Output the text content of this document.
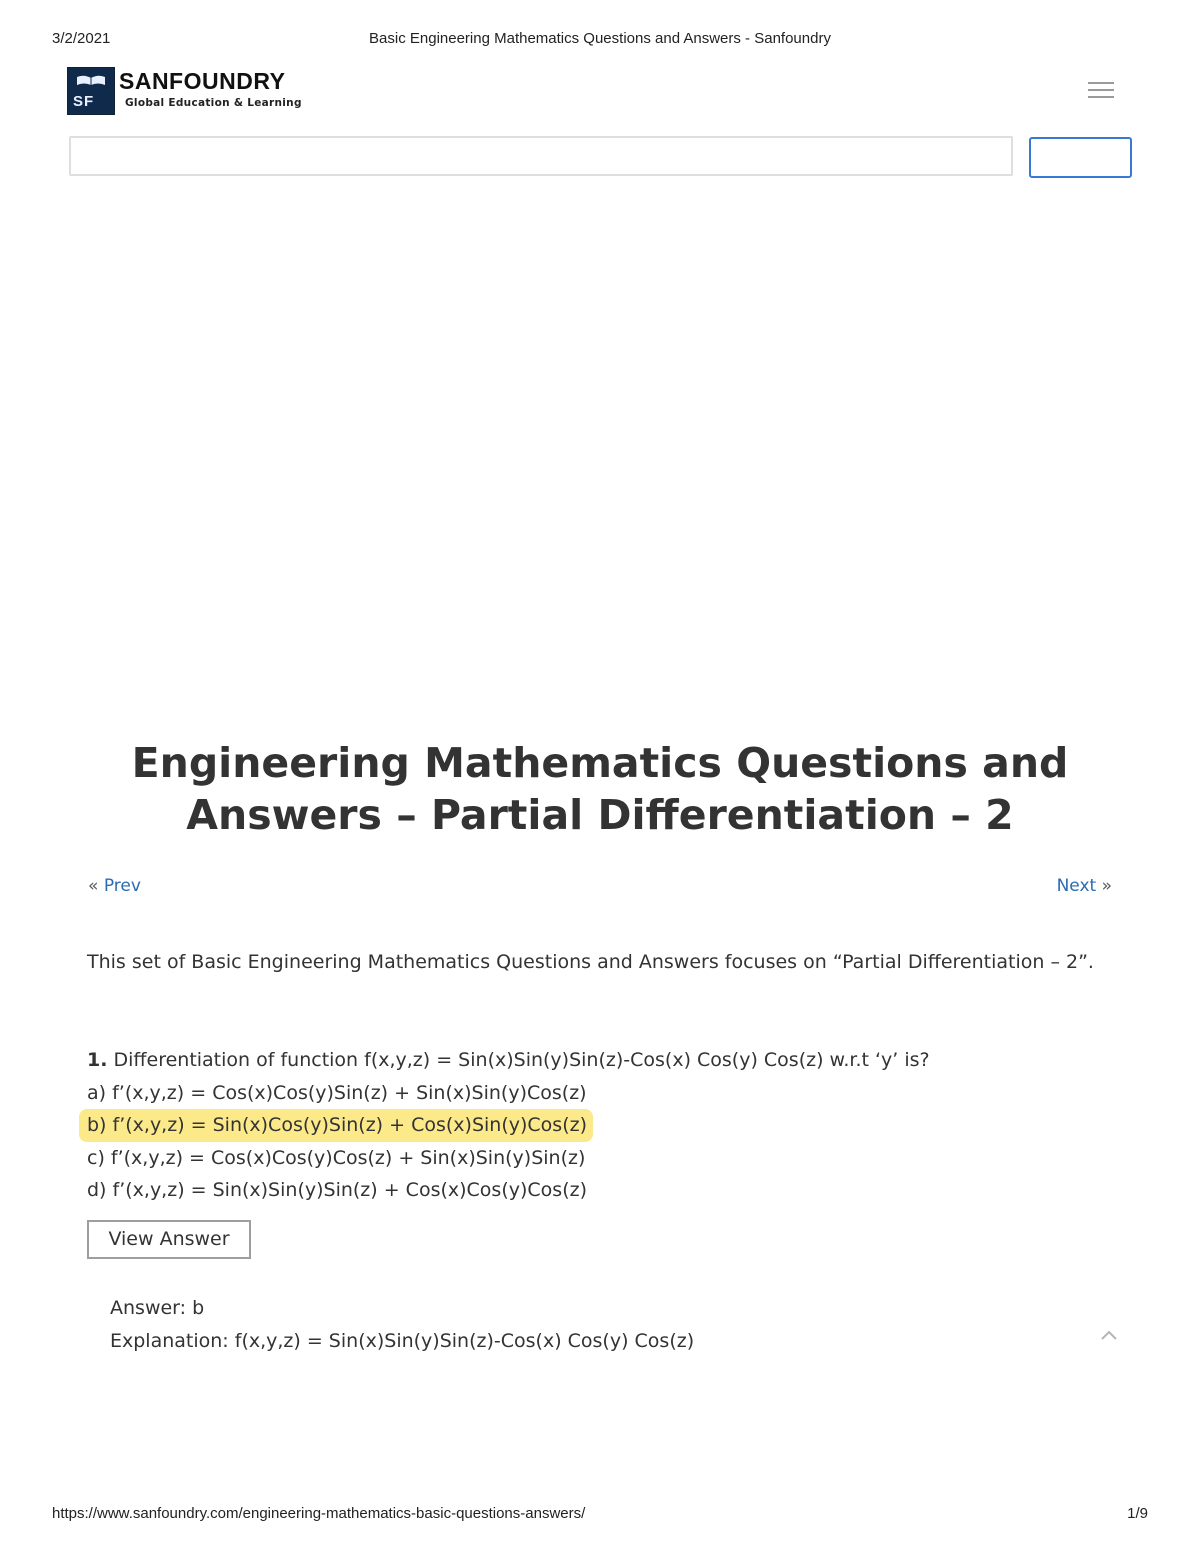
3/2/2021	Basic Engineering Mathematics Questions and Answers - Sanfoundry
SF
SANFOUNDRY
Global Education & Learning
Engineering Mathematics Questions and Answers – Partial Differentiation – 2
« Prev	Next »

This set of Basic Engineering Mathematics Questions and Answers focuses on “Partial Differentiation – 2”.

1. Differentiation of function f(x,y,z) = Sin(x)Sin(y)Sin(z)-Cos(x) Cos(y) Cos(z) w.r.t ‘y’ is?
a) f’(x,y,z) = Cos(x)Cos(y)Sin(z) + Sin(x)Sin(y)Cos(z)
b) f’(x,y,z) = Sin(x)Cos(y)Sin(z) + Cos(x)Sin(y)Cos(z)
c) f’(x,y,z) = Cos(x)Cos(y)Cos(z) + Sin(x)Sin(y)Sin(z)
d) f’(x,y,z) = Sin(x)Sin(y)Sin(z) + Cos(x)Cos(y)Cos(z)
View Answer
Answer: b
Explanation: f(x,y,z) = Sin(x)Sin(y)Sin(z)-Cos(x) Cos(y) Cos(z)
https://www.sanfoundry.com/engineering-mathematics-basic-questions-answers/	1/9
